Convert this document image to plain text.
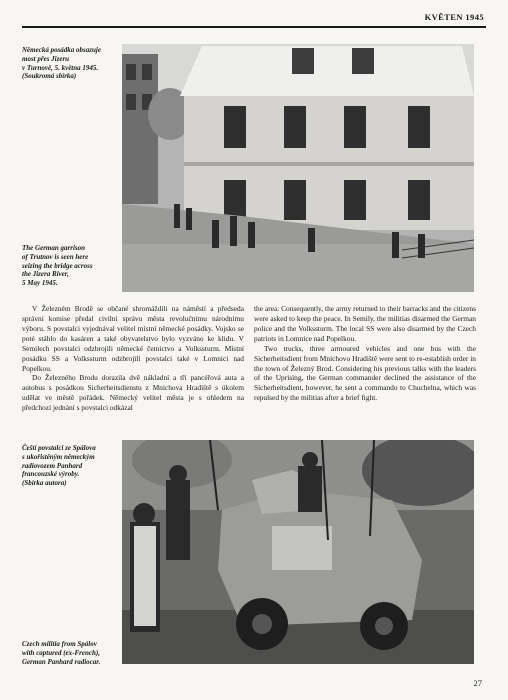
KVĚTEN 1945
Německá posádka obsazuje
most přes Jizeru
v Turnově, 5. května 1945.
(Soukromá sbírka)
The German garrison
of Trutnov is seen here
seizing the bridge across
the Jizera River,
5 May 1945.

V Železném Brodě se občané shromáždili na náměstí a předseda správní komise předal civilní správu města revolučnímu národnímu výboru. S povstalci vyjednával velitel místní německé posádky. Vojsko se poté stáhlo do kasáren a také obyvatelstvo bylo vyzváno ke klidu. V Semilech povstalci odzbrojili německé četnictvo a Volkssturm. Místní posádku SS a Volkssturm odzbrojili povstalci také v Lomnici nad Popelkou.

Do Železného Brodu dorazila dvě nákladní a tři pancéřová auta a autobus s posádkou Sicherheitsdienstu z Mnichova Hradiště s úkolem udělat ve městě pořádek. Německý velitel města je s ohledem na předchozí jednání s povstalci odkázal

the area. Consequently, the army returned to their barracks and the citizens were asked to keep the peace. In Semily, the militias disarmed the German police and the Volkssturm. The local SS were also disarmed by the Czech patriots in Lomnice nad Popelkou.

Two trucks, three armoured vehicles and one bus with the Sicherheitsdient from Mnichovo Hradiště were sent to re-establish order in the town of Železný Brod. Considering his previous talks with the leaders of the Uprising, the German commander declined the assistance of the Sicherheitsdient, however, he sent a commando to Chuchelna, which was repulsed by the militias after a brief fight.

Čeští povstalci ze Spálova
s ukořistěným německým
radiovozem Panhard
francouzské výroby.
(Sbírka autora)
Czech militia from Spálov
with captured (ex-French),
German Panhard radiocar.
27
